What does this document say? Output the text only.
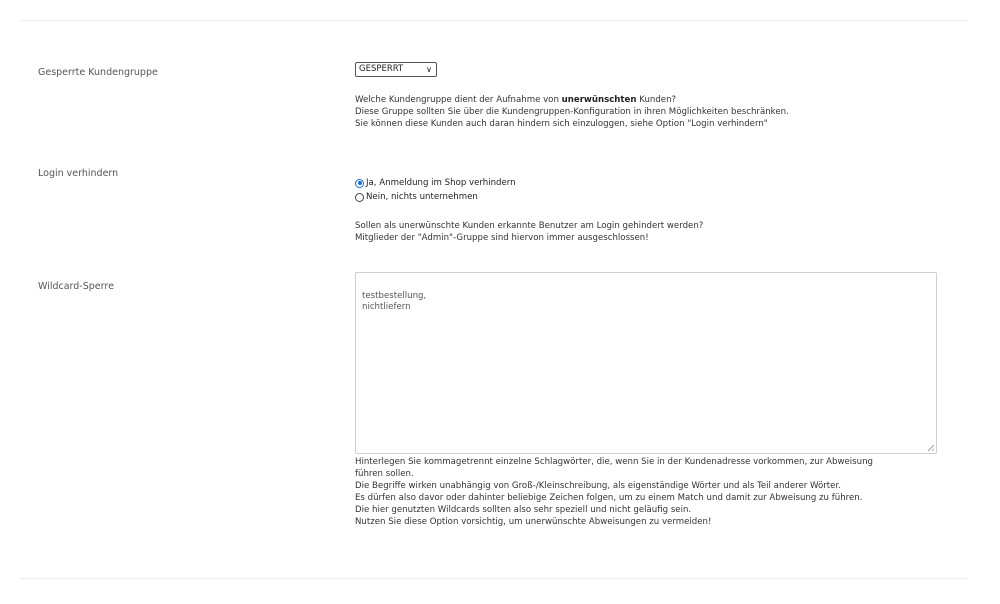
Gesperrte Kundengruppe	GESPERRT	∨
Welche Kundengruppe dient der Aufnahme von unerwünschten Kunden?
Diese Gruppe sollten Sie über die Kundengruppen-Konfiguration in ihren Möglichkeiten beschränken.
Sie können diese Kunden auch daran hindern sich einzuloggen, siehe Option "Login verhindern"
Login verhindern
Ja, Anmeldung im Shop verhindern
Nein, nichts unternehmen
Sollen als unerwünschte Kunden erkannte Benutzer am Login gehindert werden?
Mitglieder der "Admin"-Gruppe sind hiervon immer ausgeschlossen!
Wildcard-Sperre

testbestellung,
nichtliefern

Hinterlegen Sie kommagetrennt einzelne Schlagwörter, die, wenn Sie in der Kundenadresse vorkommen, zur Abweisung
führen sollen.
Die Begriffe wirken unabhängig von Groß-/Kleinschreibung, als eigenständige Wörter und als Teil anderer Wörter.
Es dürfen also davor oder dahinter beliebige Zeichen folgen, um zu einem Match und damit zur Abweisung zu führen.
Die hier genutzten Wildcards sollten also sehr speziell und nicht geläufig sein.
Nutzen Sie diese Option vorsichtig, um unerwünschte Abweisungen zu vermeiden!
